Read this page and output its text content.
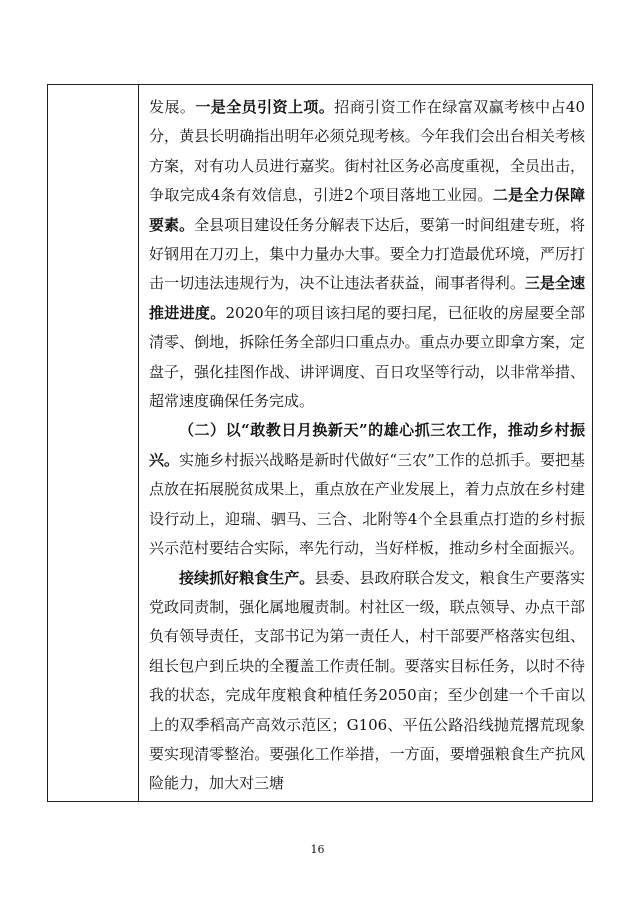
发展。一是全员引资上项。招商引资工作在绿富双赢考核中占40分，黄县长明确指出明年必须兑现考核。今年我们会出台相关考核方案，对有功人员进行嘉奖。街村社区务必高度重视，全员出击，争取完成4条有效信息，引进2个项目落地工业园。二是全力保障要素。全县项目建设任务分解表下达后，要第一时间组建专班，将好钢用在刀刃上，集中力量办大事。要全力打造最优环境，严厉打击一切违法违规行为，决不让违法者获益，闹事者得利。三是全速推进进度。2020年的项目该扫尾的要扫尾，已征收的房屋要全部清零、倒地，拆除任务全部归口重点办。重点办要立即拿方案，定盘子，强化挂图作战、讲评调度、百日攻坚等行动，以非常举措、超常速度确保任务完成。

（二）以“敢教日月换新天”的雄心抓三农工作，推动乡村振兴。实施乡村振兴战略是新时代做好“三农”工作的总抓手。要把基点放在拓展脱贫成果上，重点放在产业发展上，着力点放在乡村建设行动上，迎瑞、驷马、三合、北附等4个全县重点打造的乡村振兴示范村要结合实际，率先行动，当好样板，推动乡村全面振兴。

接续抓好粮食生产。县委、县政府联合发文，粮食生产要落实党政同责制，强化属地履责制。村社区一级，联点领导、办点干部负有领导责任，支部书记为第一责任人，村干部要严格落实包组、组长包户到丘块的全覆盖工作责任制。要落实目标任务，以时不待我的状态，完成年度粮食种植任务2050亩；至少创建一个千亩以上的双季稻高产高效示范区；G106、平伍公路沿线抛荒撂荒现象要实现清零整治。要强化工作举措，一方面，要增强粮食生产抗风险能力，加大对三塘

16
